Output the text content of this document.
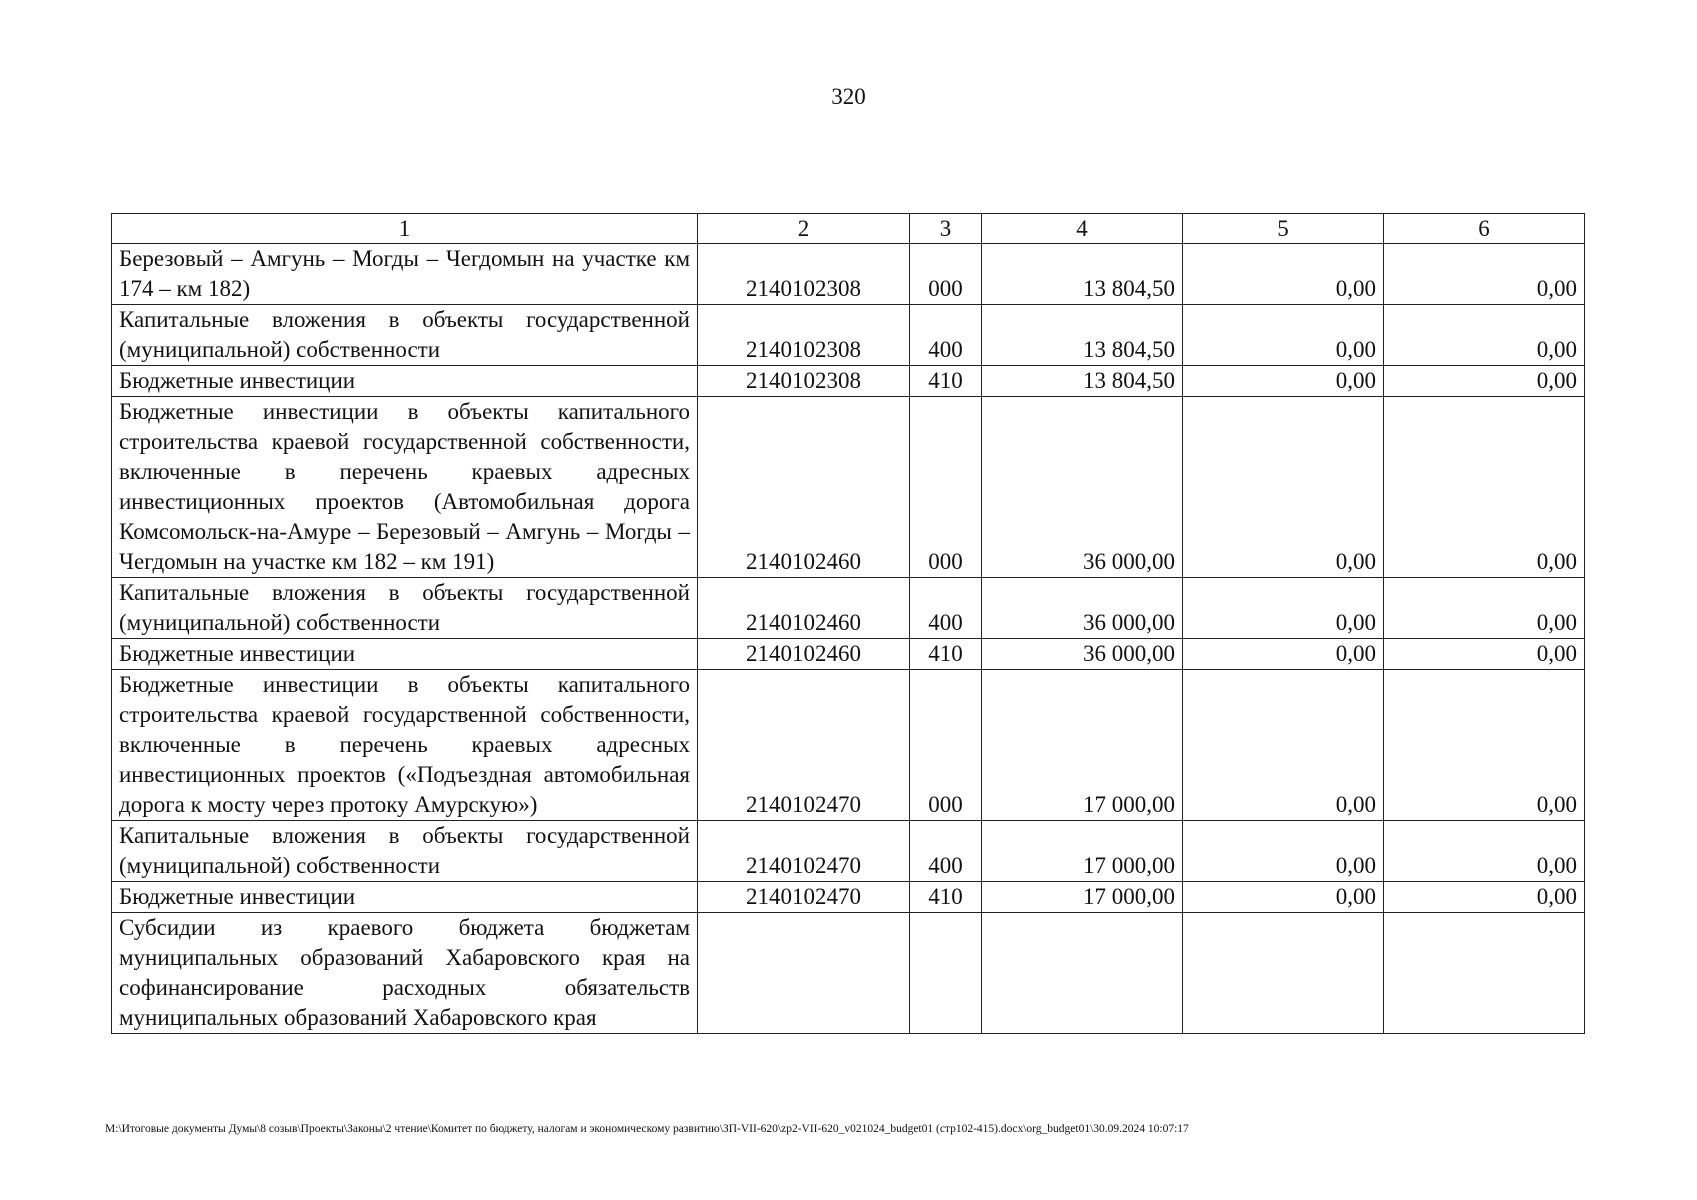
320
1	2	3	4	5	6
Березовый – Амгунь – Могды – Чегдомын на участке км 174 – км 182)	2140102308	000	13 804,50	0,00	0,00
Капитальные вложения в объекты государственной (муниципальной) собственности	2140102308	400	13 804,50	0,00	0,00
Бюджетные инвестиции	2140102308	410	13 804,50	0,00	0,00
Бюджетные инвестиции в объекты капитального строительства краевой государственной собственности, включенные в перечень краевых адресных инвестиционных проектов (Автомобильная дорога Комсомольск-на-Амуре – Березовый – Амгунь – Могды – Чегдомын на участке км 182 – км 191)	2140102460	000	36 000,00	0,00	0,00
Капитальные вложения в объекты государственной (муниципальной) собственности	2140102460	400	36 000,00	0,00	0,00
Бюджетные инвестиции	2140102460	410	36 000,00	0,00	0,00
Бюджетные инвестиции в объекты капитального строительства краевой государственной собственности, включенные в перечень краевых адресных инвестиционных проектов («Подъездная автомобильная дорога к мосту через протоку Амурскую»)	2140102470	000	17 000,00	0,00	0,00
Капитальные вложения в объекты государственной (муниципальной) собственности	2140102470	400	17 000,00	0,00	0,00
Бюджетные инвестиции	2140102470	410	17 000,00	0,00	0,00
Субсидии из краевого бюджета бюджетам муниципальных образований Хабаровского края на софинансирование расходных обязательств муниципальных образований Хабаровского края					
M:\Итоговые документы Думы\8 созыв\Проекты\Законы\2 чтение\Комитет по бюджету, налогам и экономическому развитию\ЗП-VII-620\zp2-VII-620_v021024_budget01 (стр102-415).docx\org_budget01\30.09.2024 10:07:17
